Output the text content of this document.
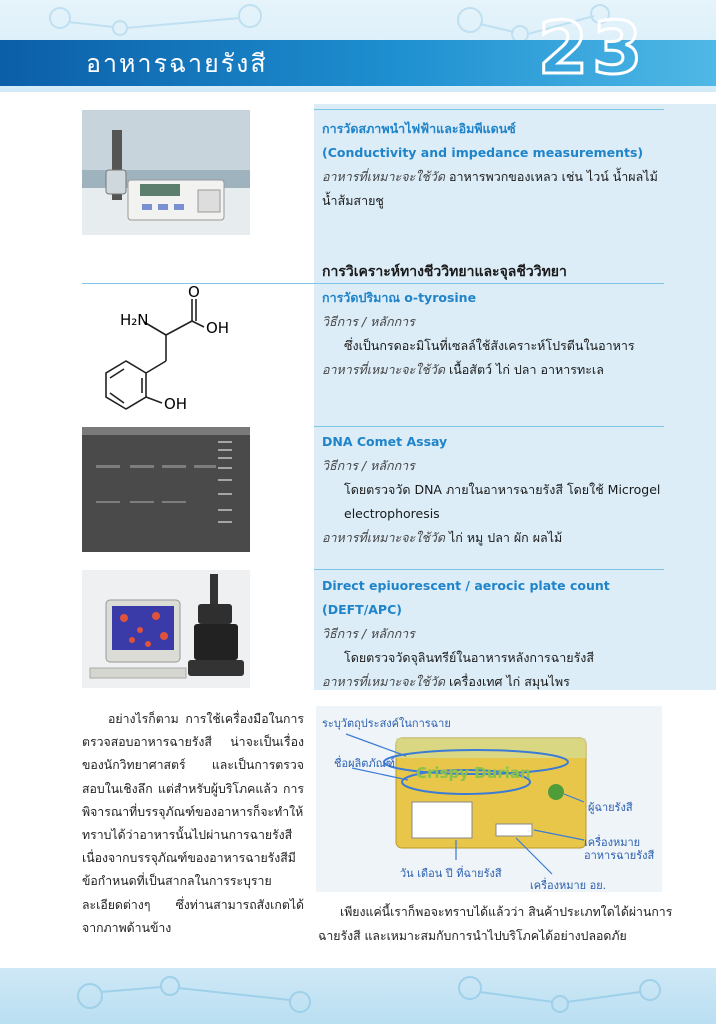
อาหารฉายรังสี	23
การวัดสภาพนำไฟฟ้าและอิมพีแดนซ์
(Conductivity and impedance measurements)
อาหารที่เหมาะจะใช้วัด อาหารพวกของเหลว เช่น ไวน์ น้ำผลไม้ น้ำส้มสายชู
การวิเคราะห์ทางชีววิทยาและจุลชีววิทยา
H₂N
O
OH
OH
การวัดปริมาณ o-tyrosine
วิธีการ / หลักการ
ซึ่งเป็นกรดอะมิโนที่เซลล์ใช้สังเคราะห์โปรตีนในอาหาร
อาหารที่เหมาะจะใช้วัด เนื้อสัตว์ ไก่ ปลา อาหารทะเล
DNA Comet Assay
วิธีการ / หลักการ
โดยตรวจวัด DNA ภายในอาหารฉายรังสี โดยใช้ Microgel electrophoresis
อาหารที่เหมาะจะใช้วัด ไก่ หมู ปลา ผัก ผลไม้
Direct epiuorescent / aerocic plate count (DEFT/APC)
วิธีการ / หลักการ
โดยตรวจวัดจุลินทรีย์ในอาหารหลังการฉายรังสี
อาหารที่เหมาะจะใช้วัด เครื่องเทศ ไก่ สมุนไพร
อย่างไรก็ตาม การใช้เครื่องมือในการตรวจสอบอาหารฉายรังสี น่าจะเป็นเรื่องของนักวิทยาศาสตร์ และเป็นการตรวจสอบในเชิงลึก แต่สำหรับผู้บริโภคแล้ว การพิจารณาที่บรรจุภัณฑ์ของอาหารก็จะทำให้ทราบได้ว่าอาหารนั้นไปผ่านการฉายรังสี เนื่องจากบรรจุภัณฑ์ของอาหารฉายรังสีมีข้อกำหนดที่เป็นสากลในการระบุรายละเอียดต่างๆ ซึ่งท่านสามารถสังเกตได้จากภาพด้านข้าง
Crispy Durian
ระบุวัตถุประสงค์ในการฉาย
ชื่อผลิตภัณฑ์
ผู้ฉายรังสี
เครื่องหมาย อาหารฉายรังสี
วัน เดือน ปี ที่ฉายรังสี
เครื่องหมาย อย.
เพียงแค่นี้เราก็พอจะทราบได้แล้วว่า สินค้าประเภทใดได้ผ่านการฉายรังสี และเหมาะสมกับการนำไปบริโภคได้อย่างปลอดภัย
